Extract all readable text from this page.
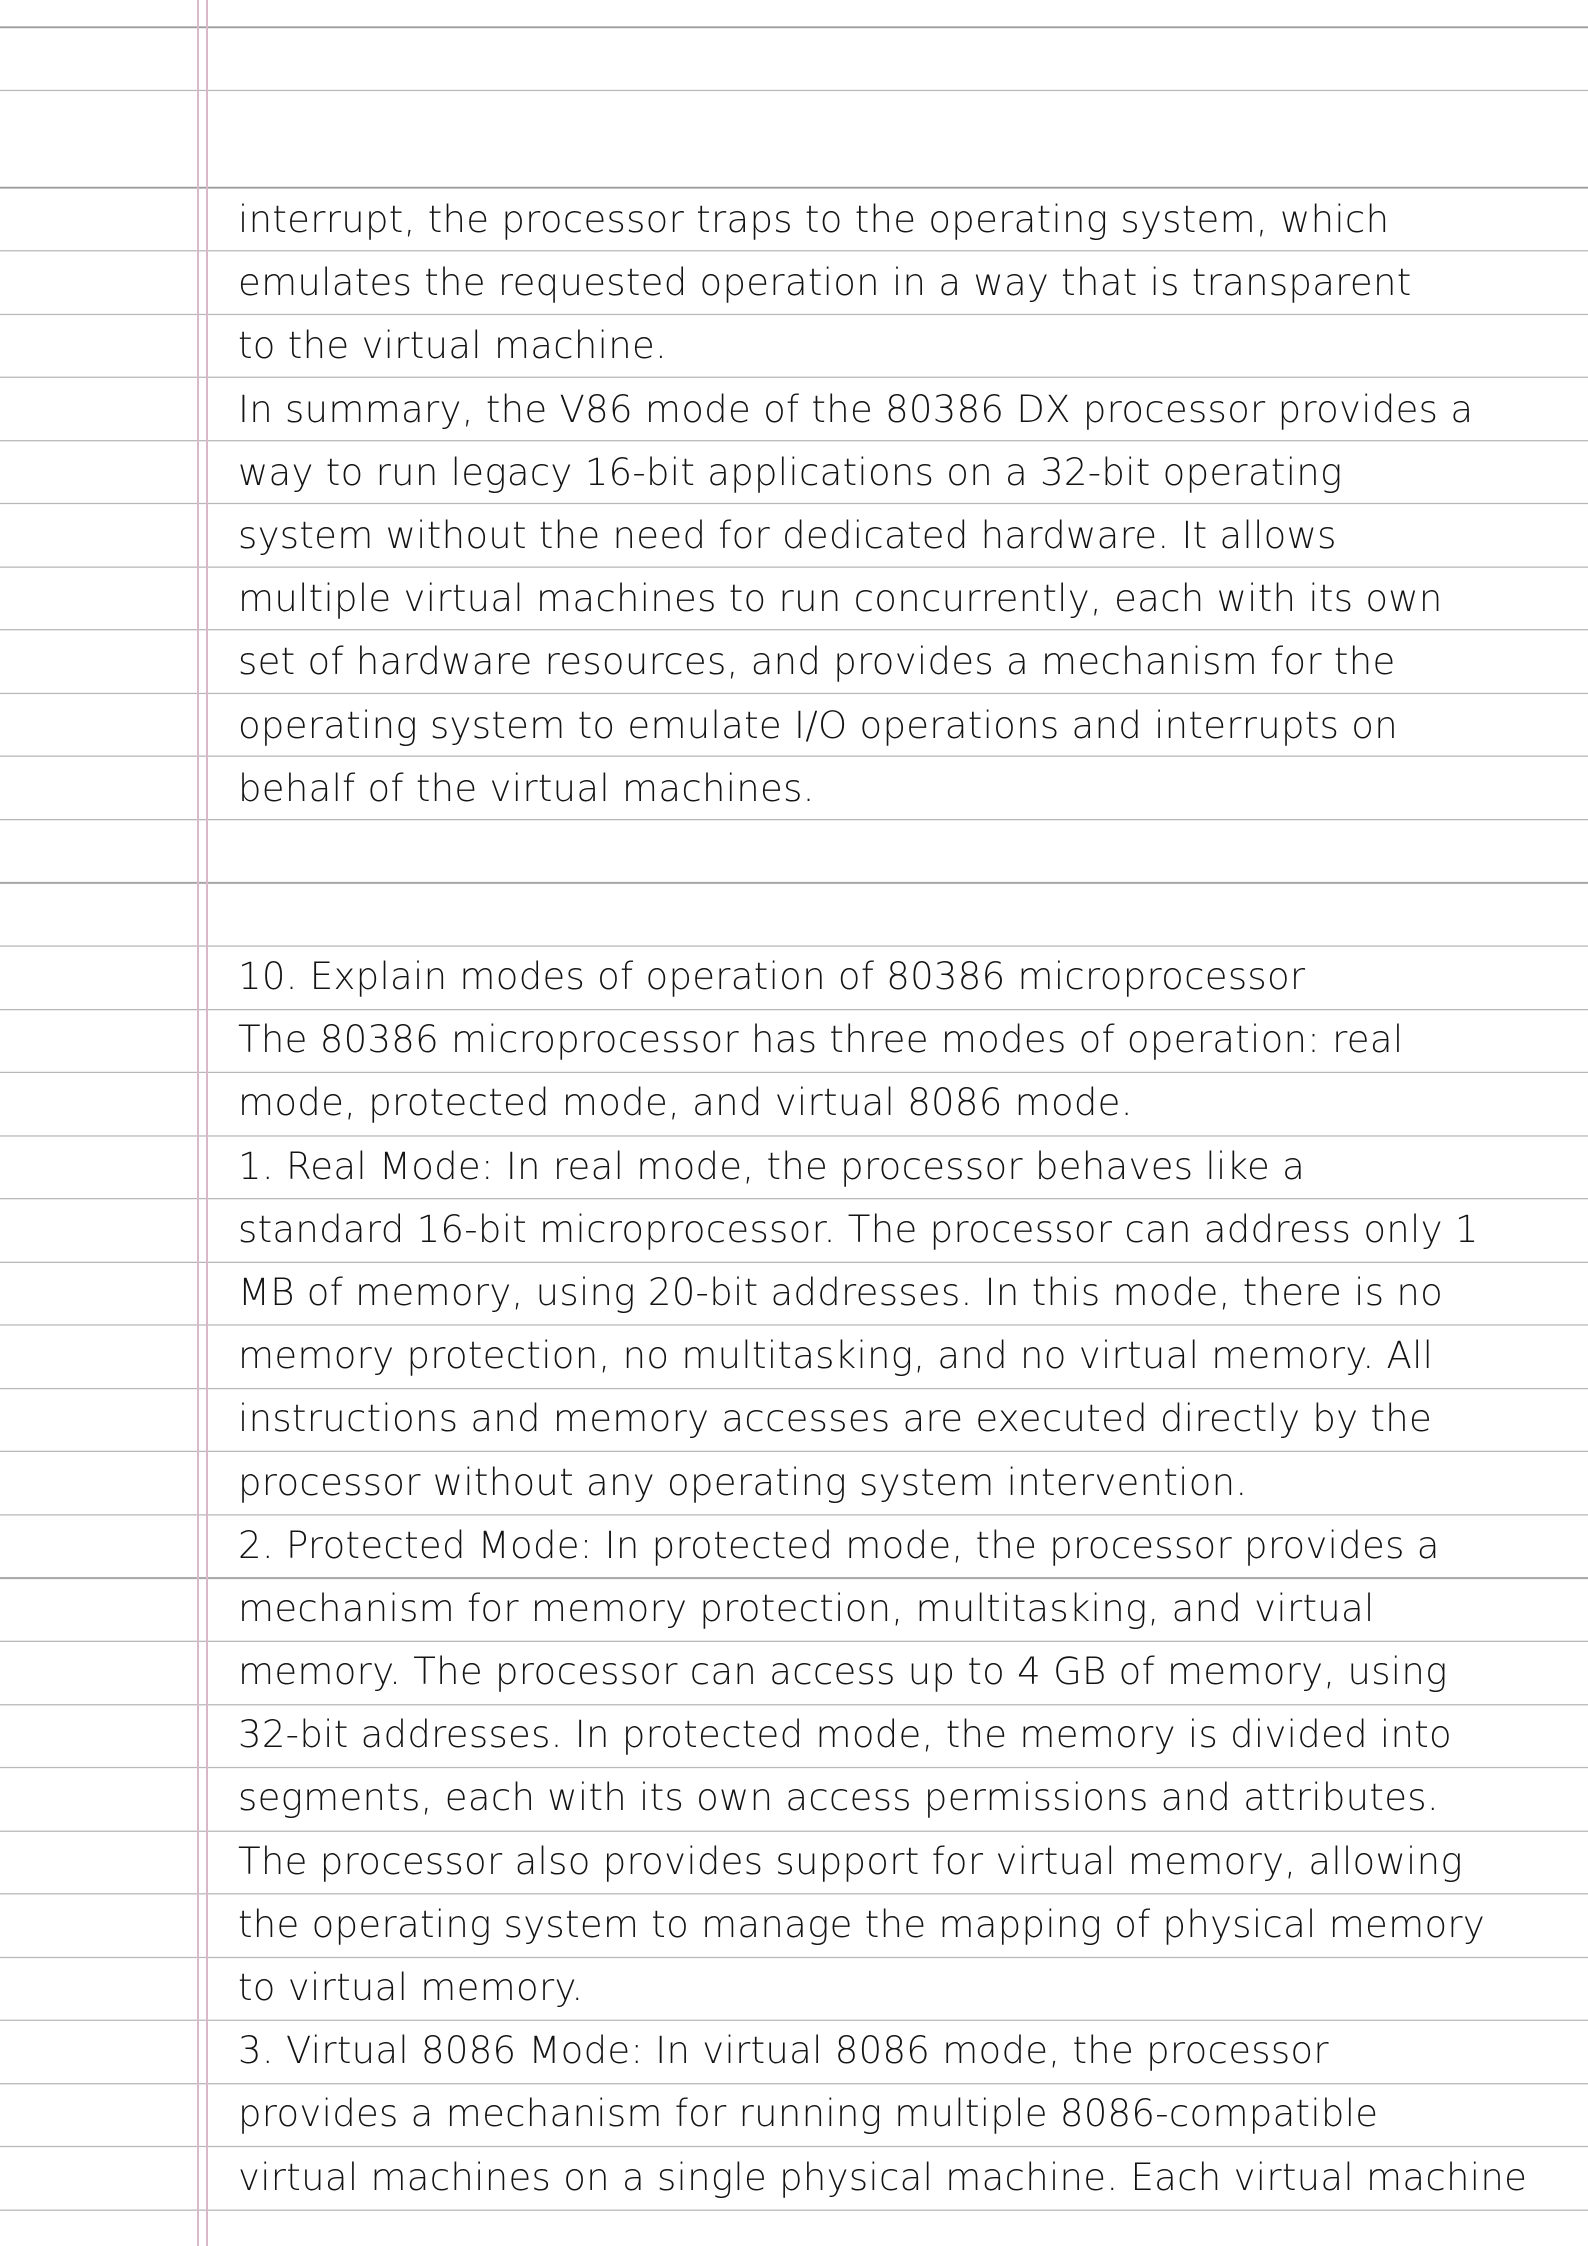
interrupt, the processor traps to the operating system, which
emulates the requested operation in a way that is transparent
to the virtual machine.
In summary, the V86 mode of the 80386 DX processor provides a
way to run legacy 16-bit applications on a 32-bit operating
system without the need for dedicated hardware. It allows
multiple virtual machines to run concurrently, each with its own
set of hardware resources, and provides a mechanism for the
operating system to emulate I/O operations and interrupts on
behalf of the virtual machines.
10. Explain modes of operation of 80386 microprocessor
The 80386 microprocessor has three modes of operation: real
mode, protected mode, and virtual 8086 mode.
1. Real Mode: In real mode, the processor behaves like a
standard 16-bit microprocessor. The processor can address only 1
MB of memory, using 20-bit addresses. In this mode, there is no
memory protection, no multitasking, and no virtual memory. All
instructions and memory accesses are executed directly by the
processor without any operating system intervention.
2. Protected Mode: In protected mode, the processor provides a
mechanism for memory protection, multitasking, and virtual
memory. The processor can access up to 4 GB of memory, using
32-bit addresses. In protected mode, the memory is divided into
segments, each with its own access permissions and attributes.
The processor also provides support for virtual memory, allowing
the operating system to manage the mapping of physical memory
to virtual memory.
3. Virtual 8086 Mode: In virtual 8086 mode, the processor
provides a mechanism for running multiple 8086-compatible
virtual machines on a single physical machine. Each virtual machine
